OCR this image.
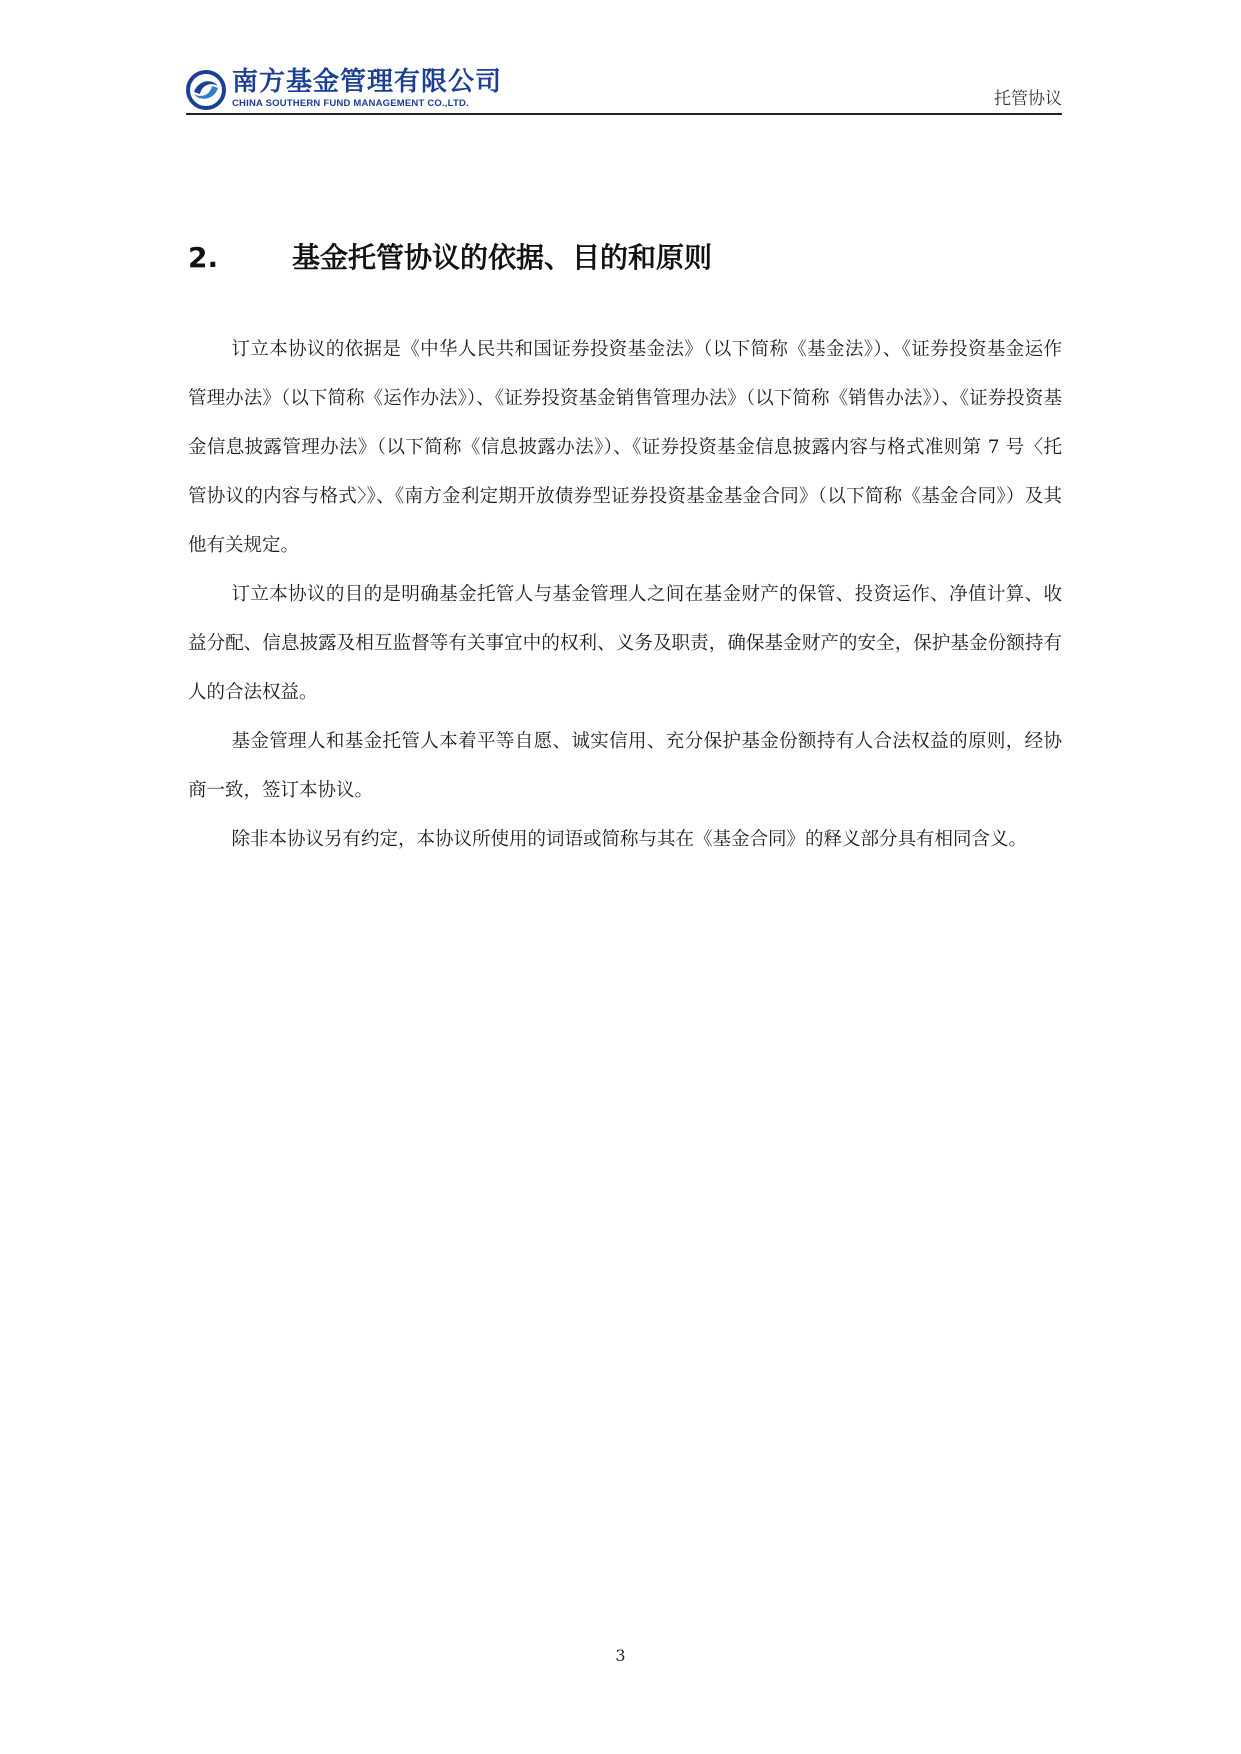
南方基金管理有限公司
CHINA SOUTHERN FUND MANAGEMENT CO.,LTD.	托管协议
2.	基金托管协议的依据、目的和原则

订立本协议的依据是《中华人民共和国证券投资基金法》（以下简称《基金法》）、《证券投资基金运作管理办法》（以下简称《运作办法》）、《证券投资基金销售管理办法》（以下简称《销售办法》）、《证券投资基金信息披露管理办法》（以下简称《信息披露办法》）、《证券投资基金信息披露内容与格式准则第 7 号〈托管协议的内容与格式〉》、《南方金利定期开放债券型证券投资基金基金合同》（以下简称《基金合同》）及其他有关规定。

订立本协议的目的是明确基金托管人与基金管理人之间在基金财产的保管、投资运作、净值计算、收益分配、信息披露及相互监督等有关事宜中的权利、义务及职责，确保基金财产的安全，保护基金份额持有人的合法权益。

基金管理人和基金托管人本着平等自愿、诚实信用、充分保护基金份额持有人合法权益的原则，经协商一致，签订本协议。

除非本协议另有约定，本协议所使用的词语或简称与其在《基金合同》的释义部分具有相同含义。

3
